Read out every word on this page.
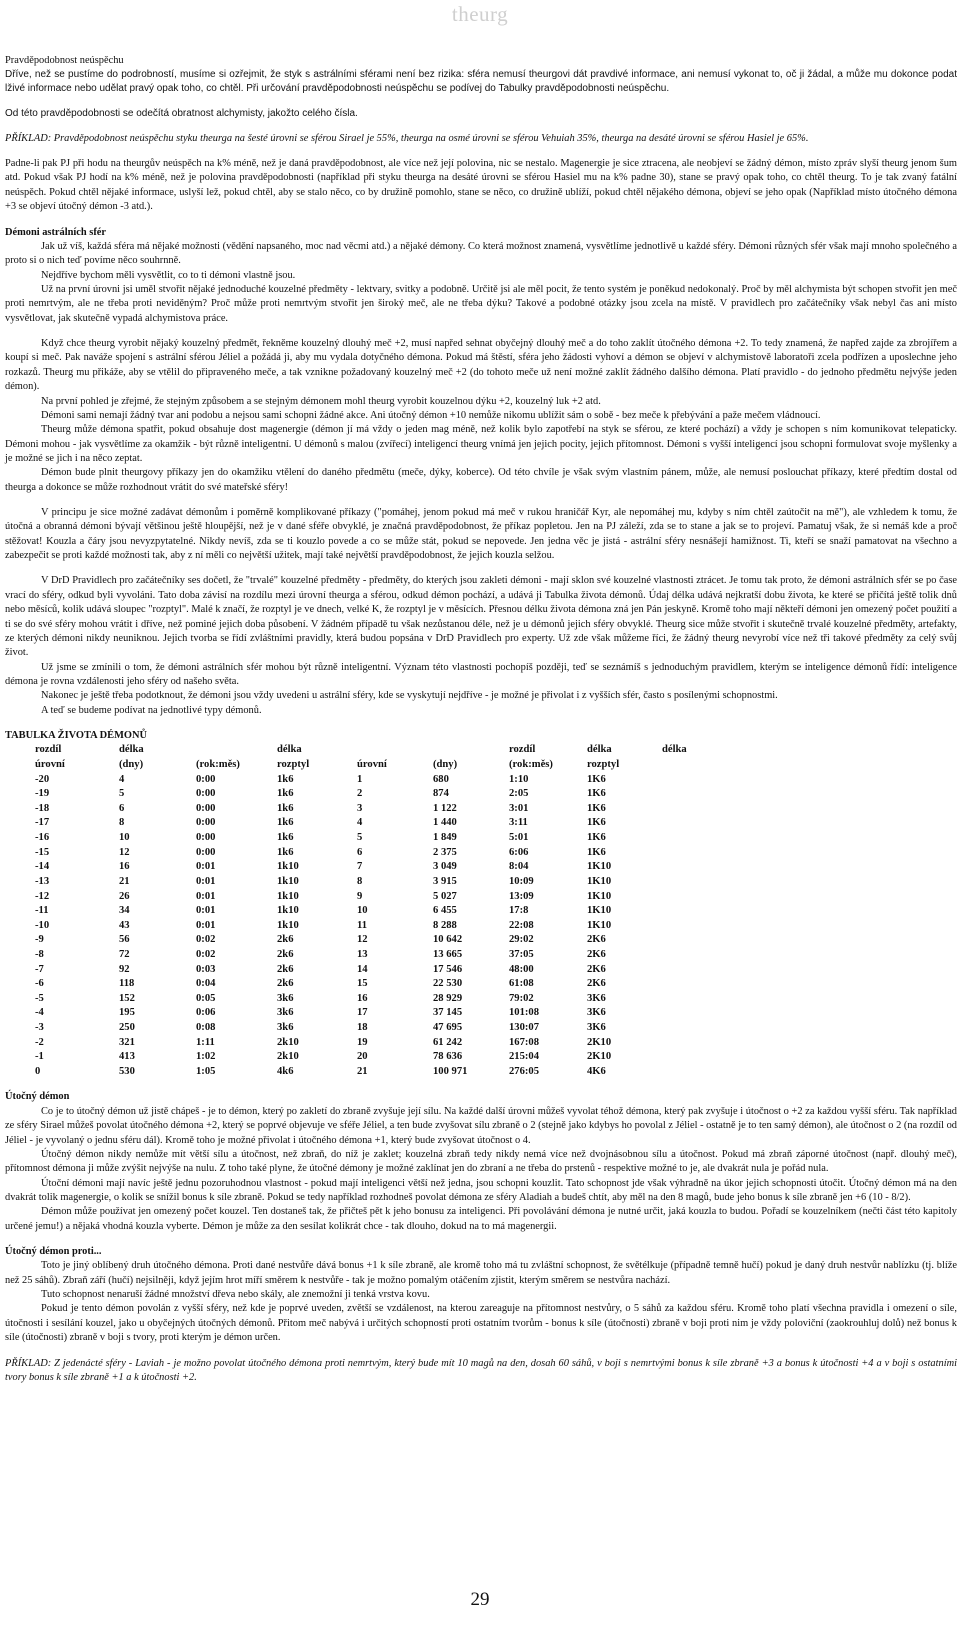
theurg

Pravděpodobnost neúspěchu

Dříve, než se pustíme do podrobností, musíme si ozřejmit, že styk s astrálními sférami není bez rizika: sféra nemusí theurgovi dát pravdivé informace, ani nemusí vykonat to, oč ji žádal, a může mu dokonce podat lživé informace nebo udělat pravý opak toho, co chtěl. Při určování pravděpodobnosti neúspěchu se podívej do Tabulky pravděpodobnosti neúspěchu.

Od této pravděpodobnosti se odečítá obratnost alchymisty, jakožto celého čísla.

PŘÍKLAD: Pravděpodobnost neúspěchu styku theurga na šesté úrovni se sférou Sirael je 55%, theurga na osmé úrovni se sférou Vehuiah 35%, theurga na desáté úrovni se sférou Hasiel je 65%.

Padne-li pak PJ při hodu na theurgův neúspěch na k% méně, než je daná pravděpodobnost, ale více než její polovina, nic se nestalo. Magenergie je sice ztracena, ale neobjeví se žádný démon, místo zpráv slyší theurg jenom šum atd. Pokud však PJ hodí na k% méně, než je polovina pravděpodobnosti (například při styku theurga na desáté úrovni se sférou Hasiel mu na k% padne 30), stane se pravý opak toho, co chtěl theurg. To je tak zvaný fatální neúspěch. Pokud chtěl nějaké informace, uslyší lež, pokud chtěl, aby se stalo něco, co by družině pomohlo, stane se něco, co družině ublíží, pokud chtěl nějakého démona, objeví se jeho opak (Například místo útočného démona +3 se objeví útočný démon -3 atd.).

Démoni astrálních sfér

Jak už víš, každá sféra má nějaké možnosti (vědění napsaného, moc nad věcmi atd.) a nějaké démony. Co která možnost znamená, vysvětlíme jednotlivě u každé sféry. Démoni různých sfér však mají mnoho společného a proto si o nich teď povíme něco souhrnně.

Nejdříve bychom měli vysvětlit, co to ti démoni vlastně jsou.

Už na první úrovni jsi uměl stvořit nějaké jednoduché kouzelné předměty - lektvary, svitky a podobně. Určitě jsi ale měl pocit, že tento systém je poněkud nedokonalý. Proč by měl alchymista být schopen stvořit jen meč proti nemrtvým, ale ne třeba proti neviděným? Proč může proti nemrtvým stvořit jen široký meč, ale ne třeba dýku? Takové a podobné otázky jsou zcela na místě. V pravidlech pro začátečníky však nebyl čas ani místo vysvětlovat, jak skutečně vypadá alchymistova práce.

Když chce theurg vyrobit nějaký kouzelný předmět, řekněme kouzelný dlouhý meč +2, musí napřed sehnat obyčejný dlouhý meč a do toho zaklít útočného démona +2. To tedy znamená, že napřed zajde za zbrojířem a koupí si meč. Pak naváže spojení s astrální sférou Jéliel a požádá ji, aby mu vydala dotyčného démona. Pokud má štěstí, sféra jeho žádosti vyhoví a démon se objeví v alchymistově laboratoři zcela podřízen a uposlechne jeho rozkazů. Theurg mu přikáže, aby se vtělil do připraveného meče, a tak vznikne požadovaný kouzelný meč +2 (do tohoto meče už není možné zaklít žádného dalšího démona. Platí pravidlo - do jednoho předmětu nejvýše jeden démon).

Na první pohled je zřejmé, že stejným způsobem a se stejným démonem mohl theurg vyrobit kouzelnou dýku +2, kouzelný luk +2 atd.

Démoni sami nemají žádný tvar ani podobu a nejsou sami schopni žádné akce. Ani útočný démon +10 nemůže nikomu ublížit sám o sobě - bez meče k přebývání a paže mečem vládnoucí.

Theurg může démona spatřit, pokud obsahuje dost magenergie (démon jí má vždy o jeden mag méně, než kolik bylo zapotřebí na styk se sférou, ze které pochází) a vždy je schopen s ním komunikovat telepaticky. Démoni mohou - jak vysvětlíme za okamžik - být různě inteligentní. U démonů s malou (zvířecí) inteligencí theurg vnímá jen jejich pocity, jejich přítomnost. Démoni s vyšší inteligencí jsou schopni formulovat svoje myšlenky a je možné se jich i na něco zeptat.

Démon bude plnit theurgovy příkazy jen do okamžiku vtělení do daného předmětu (meče, dýky, koberce). Od této chvíle je však svým vlastním pánem, může, ale nemusí poslouchat příkazy, které předtím dostal od theurga a dokonce se může rozhodnout vrátit do své mateřské sféry!

V principu je sice možné zadávat démonům i poměrně komplikované příkazy ("pomáhej, jenom pokud má meč v rukou hraničář Kyr, ale nepomáhej mu, kdyby s ním chtěl zaútočit na mě"), ale vzhledem k tomu, že útočná a obranná démoni bývají většinou ještě hloupější, než je v dané sféře obvyklé, je značná pravděpodobnost, že příkaz popletou. Jen na PJ záleží, zda se to stane a jak se to projeví. Pamatuj však, že si nemáš kde a proč stěžovat! Kouzla a čáry jsou nevyzpytatelné. Nikdy nevíš, zda se ti kouzlo povede a co se může stát, pokud se nepovede. Jen jedna věc je jistá - astrální sféry nesnášejí hamižnost. Ti, kteří se snaží pamatovat na všechno a zabezpečit se proti každé možnosti tak, aby z ní měli co největší užitek, mají také největší pravděpodobnost, že jejich kouzla selžou.

V DrD Pravidlech pro začátečníky ses dočetl, že "trvalé" kouzelné předměty - předměty, do kterých jsou zakleti démoni - mají sklon své kouzelné vlastnosti ztrácet. Je tomu tak proto, že démoni astrálních sfér se po čase vrací do sféry, odkud byli vyvoláni. Tato doba závisí na rozdílu mezi úrovní theurga a sférou, odkud démon pochází, a udává ji Tabulka života démonů. Údaj délka udává nejkratší dobu života, ke které se přičítá ještě tolik dnů nebo měsíců, kolik udává sloupec "rozptyl". Malé k značí, že rozptyl je ve dnech, velké K, že rozptyl je v měsících. Přesnou délku života démona zná jen Pán jeskyně. Kromě toho mají někteří démoni jen omezený počet použití a ti se do své sféry mohou vrátit i dříve, než pominé jejich doba působení. V žádném případě tu však nezůstanou déle, než je u démonů jejich sféry obvyklé. Theurg sice může stvořit i skutečně trvalé kouzelné předměty, artefakty, ze kterých démoni nikdy neuniknou. Jejich tvorba se řídí zvláštními pravidly, která budou popsána v DrD Pravidlech pro experty. Už zde však můžeme říci, že žádný theurg nevyrobí více než tři takové předměty za celý svůj život.

Už jsme se zmínili o tom, že démoni astrálních sfér mohou být různě inteligentní. Význam této vlastnosti pochopíš později, teď se seznámíš s jednoduchým pravidlem, kterým se inteligence démonů řídí: inteligence démona je rovna vzdálenosti jeho sféry od našeho světa.

Nakonec je ještě třeba podotknout, že démoni jsou vždy uvedeni u astrální sféry, kde se vyskytují nejdříve - je možné je přivolat i z vyšších sfér, často s posílenými schopnostmi.

A teď se budeme podívat na jednotlivé typy démonů.

TABULKA ŽIVOTA DÉMONŮ

rozdíl	délka		délka			rozdíl	délka	délka
úrovní	(dny)	(rok:měs)	rozptyl	úrovní	(dny)	(rok:měs)	rozptyl	
-20	4	0:00	1k6	1	680	1:10	1K6	
-19	5	0:00	1k6	2	874	2:05	1K6	
-18	6	0:00	1k6	3	1 122	3:01	1K6	
-17	8	0:00	1k6	4	1 440	3:11	1K6	
-16	10	0:00	1k6	5	1 849	5:01	1K6	
-15	12	0:00	1k6	6	2 375	6:06	1K6	
-14	16	0:01	1k10	7	3 049	8:04	1K10	
-13	21	0:01	1k10	8	3 915	10:09	1K10	
-12	26	0:01	1k10	9	5 027	13:09	1K10	
-11	34	0:01	1k10	10	6 455	17:8	1K10	
-10	43	0:01	1k10	11	8 288	22:08	1K10	
-9	56	0:02	2k6	12	10 642	29:02	2K6	
-8	72	0:02	2k6	13	13 665	37:05	2K6	
-7	92	0:03	2k6	14	17 546	48:00	2K6	
-6	118	0:04	2k6	15	22 530	61:08	2K6	
-5	152	0:05	3k6	16	28 929	79:02	3K6	
-4	195	0:06	3k6	17	37 145	101:08	3K6	
-3	250	0:08	3k6	18	47 695	130:07	3K6	
-2	321	1:11	2k10	19	61 242	167:08	2K10	
-1	413	1:02	2k10	20	78 636	215:04	2K10	
0	530	1:05	4k6	21	100 971	276:05	4K6	

Útočný démon

Co je to útočný démon už jistě chápeš - je to démon, který po zakletí do zbraně zvyšuje její sílu. Na každé další úrovni můžeš vyvolat téhož démona, který pak zvyšuje i útočnost o +2 za každou vyšší sféru. Tak například ze sféry Sirael můžeš povolat útočného démona +2, který se poprvé objevuje ve sféře Jéliel, a ten bude zvyšovat sílu zbraně o 2 (stejně jako kdybys ho povolal z Jéliel - ostatně je to ten samý démon), ale útočnost o 2 (na rozdíl od Jéliel - je vyvolaný o jednu sféru dál). Kromě toho je možné přivolat i útočného démona +1, který bude zvyšovat útočnost o 4.

Útočný démon nikdy nemůže mít větší sílu a útočnost, než zbraň, do níž je zaklet; kouzelná zbraň tedy nikdy nemá více než dvojnásobnou sílu a útočnost. Pokud má zbraň záporné útočnost (např. dlouhý meč), přítomnost démona ji může zvýšit nejvýše na nulu. Z toho také plyne, že útočné démony je možné zaklínat jen do zbraní a ne třeba do prstenů - respektive možné to je, ale dvakrát nula je pořád nula.

Útoční démoni mají navíc ještě jednu pozoruhodnou vlastnost - pokud mají inteligenci větší než jedna, jsou schopni kouzlit. Tato schopnost jde však výhradně na úkor jejich schopnosti útočit. Útočný démon má na den dvakrát tolik magenergie, o kolik se snížil bonus k síle zbraně. Pokud se tedy například rozhodneš povolat démona ze sféry Aladiah a budeš chtít, aby měl na den 8 magů, bude jeho bonus k síle zbraně jen +6 (10 - 8/2).

Démon může používat jen omezený počet kouzel. Ten dostaneš tak, že přičteš pět k jeho bonusu za inteligenci. Při povolávání démona je nutné určit, jaká kouzla to budou. Pořadí se kouzelníkem (nečti část této kapitoly určené jemu!) a nějaká vhodná kouzla vyberte. Démon je může za den sesílat kolikrát chce - tak dlouho, dokud na to má magenergii.

Útočný démon proti...

Toto je jiný oblíbený druh útočného démona. Proti dané nestvůře dává bonus +1 k síle zbraně, ale kromě toho má tu zvláštní schopnost, že světélkuje (případně temně hučí) pokud je daný druh nestvůr nablízku (tj. blíže než 25 sáhů). Zbraň září (hučí) nejsilněji, když jejím hrot míří směrem k nestvůře - tak je možno pomalým otáčením zjistit, kterým směrem se nestvůra nachází.

Tuto schopnost nenaruší žádné množství dřeva nebo skály, ale znemožní ji tenká vrstva kovu.

Pokud je tento démon povolán z vyšší sféry, než kde je poprvé uveden, zvětší se vzdálenost, na kterou zareaguje na přítomnost nestvůry, o 5 sáhů za každou sféru. Kromě toho platí všechna pravidla i omezení o síle, útočnosti i sesílání kouzel, jako u obyčejných útočných démonů. Přitom meč nabývá i určitých schopností proti ostatním tvorům - bonus k síle (útočnosti) zbraně v boji proti nim je vždy poloviční (zaokrouhluj dolů) než bonus k síle (útočnosti) zbraně v boji s tvory, proti kterým je démon určen.

PŘÍKLAD: Z jedenácté sféry - Laviah - je možno povolat útočného démona proti nemrtvým, který bude mít 10 magů na den, dosah 60 sáhů, v boji s nemrtvými bonus k síle zbraně +3 a bonus k útočnosti +4 a v boji s ostatními tvory bonus k síle zbraně +1 a k útočnosti +2.

29
